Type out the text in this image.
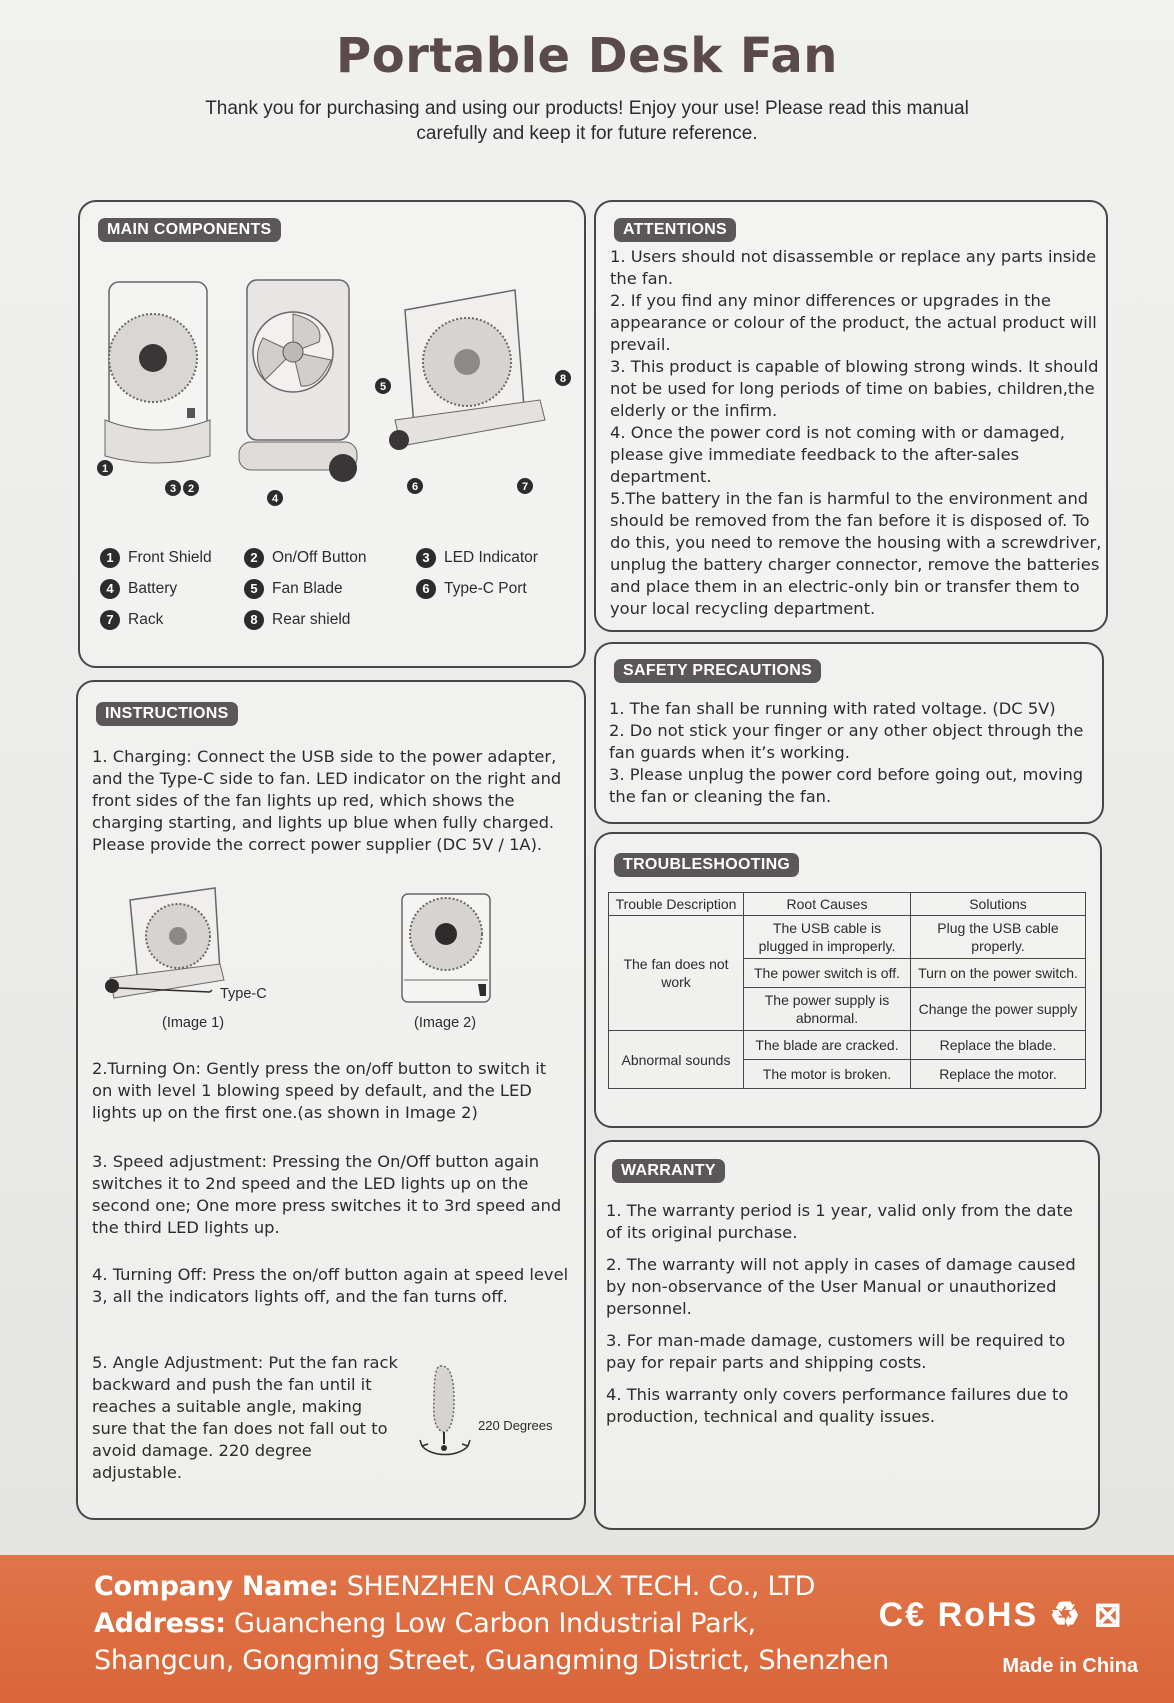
Portable Desk Fan
Thank you for purchasing and using our products! Enjoy your use! Please read this manual carefully and keep it for future reference.
MAIN COMPONENTS
1
3 2
4
5
6	7
8
1 Front Shield	2 On/Off Button	3 LED Indicator
4 Battery	5 Fan Blade	6 Type-C Port
7 Rack	8 Rear shield
ATTENTIONS

1. Users should not disassemble or replace any parts inside the fan.

2. If you find any minor differences or upgrades in the appearance or colour of the product, the actual product will prevail.

3. This product is capable of blowing strong winds. It should not be used for long periods of time on babies, children,the elderly or the infirm.

4. Once the power cord is not coming with or damaged, please give immediate feedback to the after-sales department.

5.The battery in the fan is harmful to the environment and should be removed from the fan before it is disposed of. To do this, you need to remove the housing with a screwdriver, unplug the battery charger connector, remove the batteries and place them in an electric-only bin or transfer them to your local recycling department.

INSTRUCTIONS
1. Charging: Connect the USB side to the power adapter, and the Type-C side to fan. LED indicator on the right and front sides of the fan lights up red, which shows the charging starting, and lights up blue when fully charged. Please provide the correct power supplier (DC 5V / 1A).
Type-C
(Image 1)	(Image 2)
2.Turning On: Gently press the on/off button to switch it on with level 1 blowing speed by default, and the LED lights up on the first one.(as shown in Image 2)
3. Speed adjustment: Pressing the On/Off button again switches it to 2nd speed and the LED lights up on the second one; One more press switches it to 3rd speed and the third LED lights up.
4. Turning Off: Press the on/off button again at speed level 3, all the indicators lights off, and the fan turns off.
5. Angle Adjustment: Put the fan rack backward and push the fan until it reaches a suitable angle, making sure that the fan does not fall out to avoid damage. 220 degree adjustable.
220 Degrees
SAFETY PRECAUTIONS

1. The fan shall be running with rated voltage. (DC 5V)

2. Do not stick your finger or any other object through the fan guards when it’s working.

3. Please unplug the power cord before going out, moving the fan or cleaning the fan.

TROUBLESHOOTING
Trouble Description	Root Causes	Solutions
The fan does not work	The USB cable is plugged in improperly.	Plug the USB cable properly.
	The power switch is off.	Turn on the power switch.
	The power supply is abnormal.	Change the power supply
Abnormal sounds	The blade are cracked.	Replace the blade.
	The motor is broken.	Replace the motor.
WARRANTY

1. The warranty period is 1 year, valid only from the date of its original purchase.

2. The warranty will not apply in cases of damage caused by non-observance of the User Manual or unauthorized personnel.

3. For man-made damage, customers will be required to pay for repair parts and shipping costs.

4. This warranty only covers performance failures due to production, technical and quality issues.

Company Name: SHENZHEN CAROLX TECH. Co., LTD
Address: Guancheng Low Carbon Industrial Park,
Shangcun, Gongming Street, Guangming District, Shenzhen
C€ RoHS ♻ ⊠
Made in China
